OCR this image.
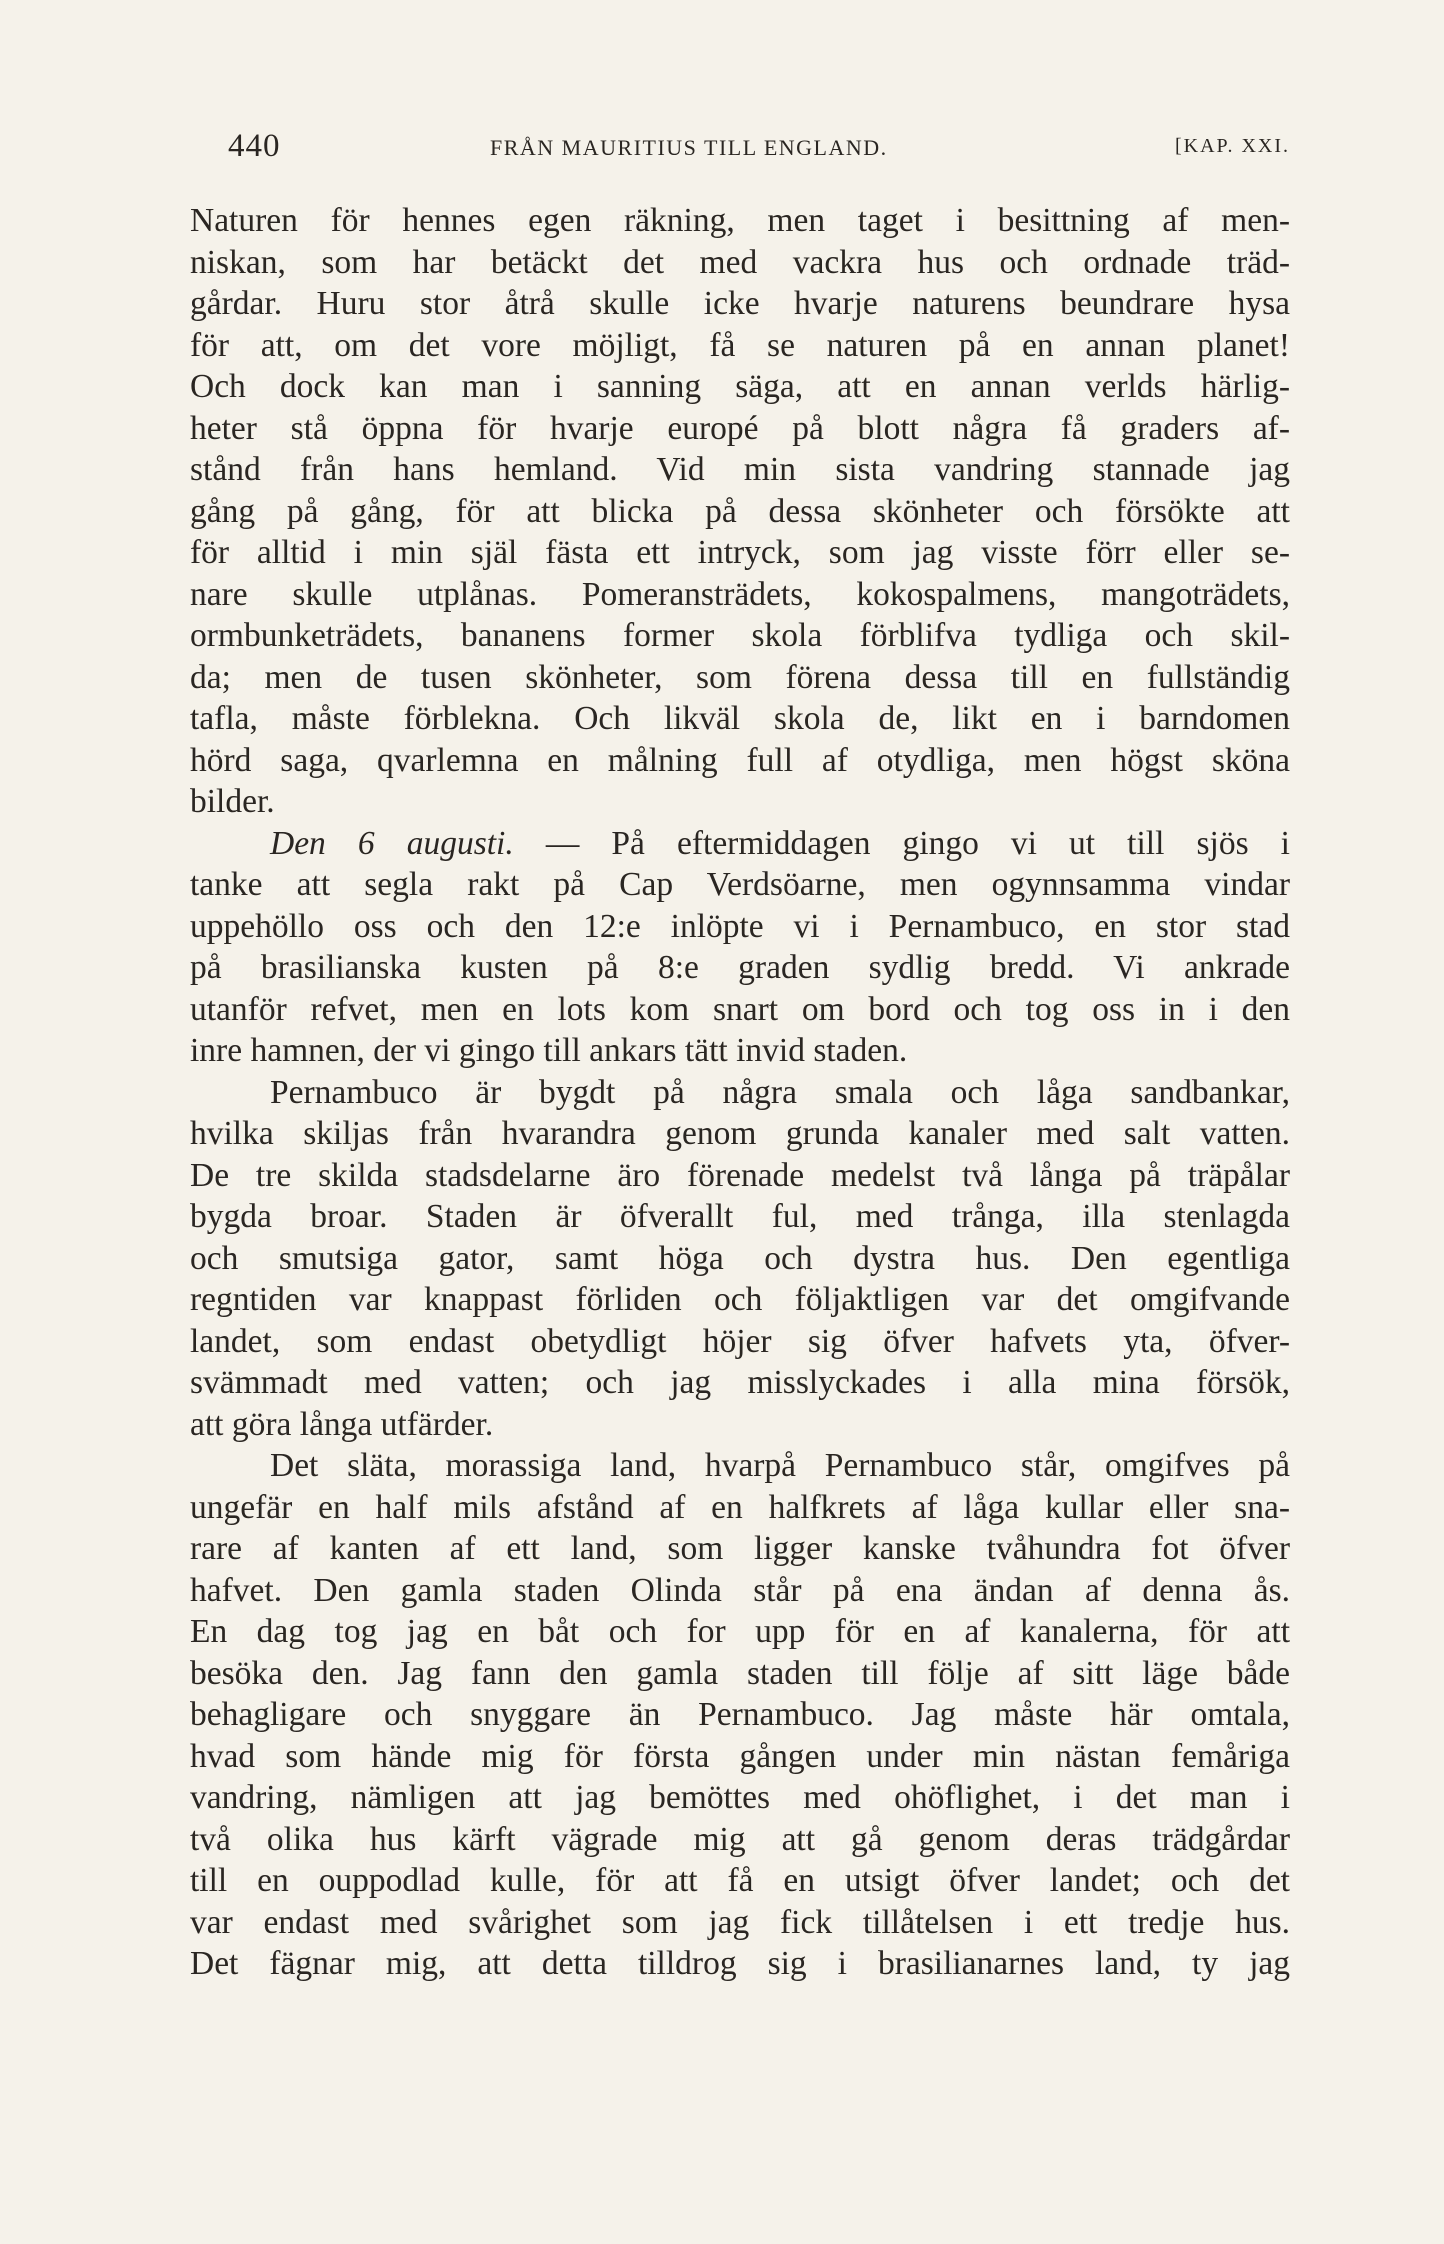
440	FRÅN MAURITIUS TILL ENGLAND.	[KAP. XXI.
Naturen för hennes egen räkning, men taget i besittning af men-
niskan, som har betäckt det med vackra hus och ordnade träd-
gårdar. Huru stor åtrå skulle icke hvarje naturens beundrare hysa
för att, om det vore möjligt, få se naturen på en annan planet!
Och dock kan man i sanning säga, att en annan verlds härlig-
heter stå öppna för hvarje europé på blott några få graders af-
stånd från hans hemland. Vid min sista vandring stannade jag
gång på gång, för att blicka på dessa skönheter och försökte att
för alltid i min själ fästa ett intryck, som jag visste förr eller se-
nare skulle utplånas. Pomeransträdets, kokospalmens, mangoträdets,
ormbunketrädets, bananens former skola förblifva tydliga och skil-
da; men de tusen skönheter, som förena dessa till en fullständig
tafla, måste förblekna. Och likväl skola de, likt en i barndomen
hörd saga, qvarlemna en målning full af otydliga, men högst sköna
bilder.
Den 6 augusti. — På eftermiddagen gingo vi ut till sjös i
tanke att segla rakt på Cap Verdsöarne, men ogynnsamma vindar
uppehöllo oss och den 12:e inlöpte vi i Pernambuco, en stor stad
på brasilianska kusten på 8:e graden sydlig bredd. Vi ankrade
utanför refvet, men en lots kom snart om bord och tog oss in i den
inre hamnen, der vi gingo till ankars tätt invid staden.
Pernambuco är bygdt på några smala och låga sandbankar,
hvilka skiljas från hvarandra genom grunda kanaler med salt vatten.
De tre skilda stadsdelarne äro förenade medelst två långa på träpålar
bygda broar. Staden är öfverallt ful, med trånga, illa stenlagda
och smutsiga gator, samt höga och dystra hus. Den egentliga
regntiden var knappast förliden och följaktligen var det omgifvande
landet, som endast obetydligt höjer sig öfver hafvets yta, öfver-
svämmadt med vatten; och jag misslyckades i alla mina försök,
att göra långa utfärder.
Det släta, morassiga land, hvarpå Pernambuco står, omgifves på
ungefär en half mils afstånd af en halfkrets af låga kullar eller sna-
rare af kanten af ett land, som ligger kanske tvåhundra fot öfver
hafvet. Den gamla staden Olinda står på ena ändan af denna ås.
En dag tog jag en båt och for upp för en af kanalerna, för att
besöka den. Jag fann den gamla staden till följe af sitt läge både
behagligare och snyggare än Pernambuco. Jag måste här omtala,
hvad som hände mig för första gången under min nästan femåriga
vandring, nämligen att jag bemöttes med ohöflighet, i det man i
två olika hus kärft vägrade mig att gå genom deras trädgårdar
till en ouppodlad kulle, för att få en utsigt öfver landet; och det
var endast med svårighet som jag fick tillåtelsen i ett tredje hus.
Det fägnar mig, att detta tilldrog sig i brasilianarnes land, ty jag
